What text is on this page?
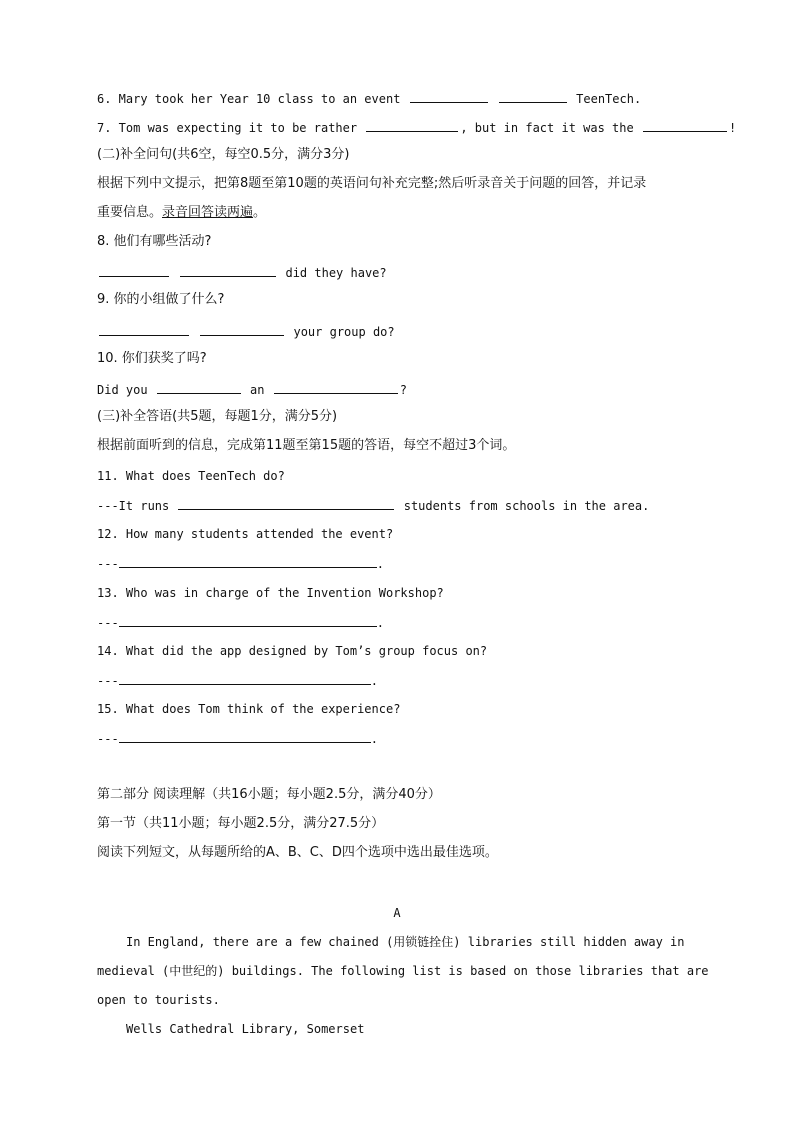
6. Mary took her Year 10 class to an event	TeenTech.
7. Tom was expecting it to be rather	, but in fact it was the	!
(二)补全问句(共6空，每空0.5分，满分3分)
根据下列中文提示，把第8题至第10题的英语问句补充完整;然后听录音关于问题的回答，并记录
重要信息。录音回答读两遍。
8. 他们有哪些活动?
did they have?
9. 你的小组做了什么?
your group do?
10. 你们获奖了吗?
Did you	an	?
(三)补全答语(共5题，每题1分，满分5分)
根据前面听到的信息，完成第11题至第15题的答语，每空不超过3个词。
11. What does TeenTech do?
---It runs	students from schools in the area.
12. How many students attended the event?
---	.
13. Who was in charge of the Invention Workshop?
---	.
14. What did the app designed by Tom’s group focus on?
---	.
15. What does Tom think of the experience?
---	.
第二部分 阅读理解（共16小题；每小题2.5分，满分40分）
第一节（共11小题；每小题2.5分，满分27.5分）
阅读下列短文，从每题所给的A、B、C、D四个选项中选出最佳选项。
A
In England, there are a few chained (用锁链拴住) libraries still hidden away in
medieval (中世纪的) buildings. The following list is based on those libraries that are
open to tourists.
Wells Cathedral Library, Somerset
